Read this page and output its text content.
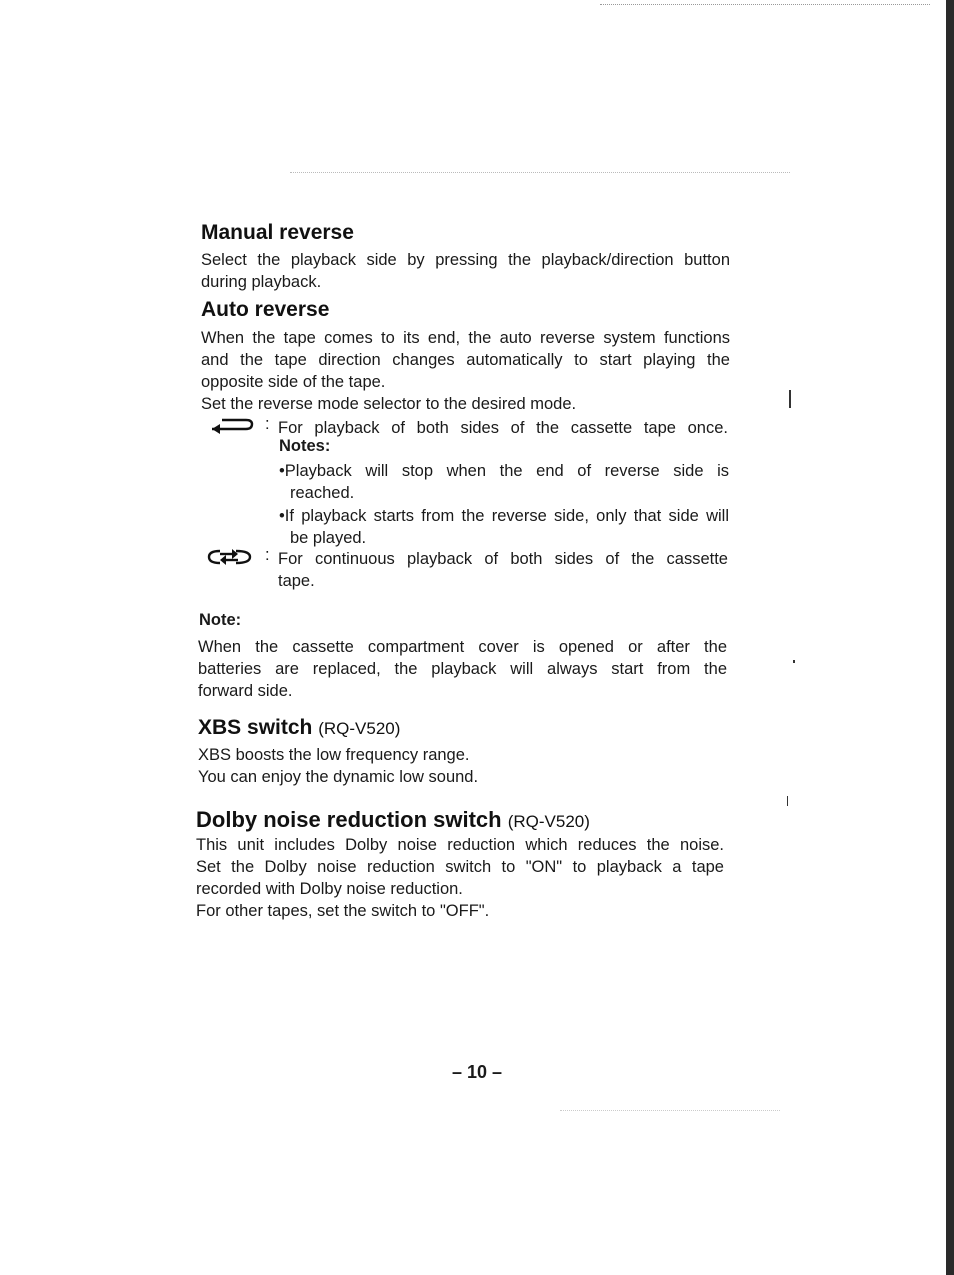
Manual reverse
Select the playback side by pressing the playback/direction button
during playback.
Auto reverse
When the tape comes to its end, the auto reverse system functions
and the tape direction changes automatically to start playing the
opposite side of the tape.
Set the reverse mode selector to the desired mode.
: For playback of both sides of the cassette tape once.
Notes:
•Playback will stop when the end of reverse side is
reached.
•If playback starts from the reverse side, only that side will
be played.
: For continuous playback of both sides of the cassette
tape.
Note:
When the cassette compartment cover is opened or after the
batteries are replaced, the playback will always start from the
forward side.
XBS switch (RQ-V520)
XBS boosts the low frequency range.
You can enjoy the dynamic low sound.
Dolby noise reduction switch (RQ-V520)
This unit includes Dolby noise reduction which reduces the noise.
Set the Dolby noise reduction switch to "ON" to playback a tape
recorded with Dolby noise reduction.
For other tapes, set the switch to "OFF".
– 10 –
